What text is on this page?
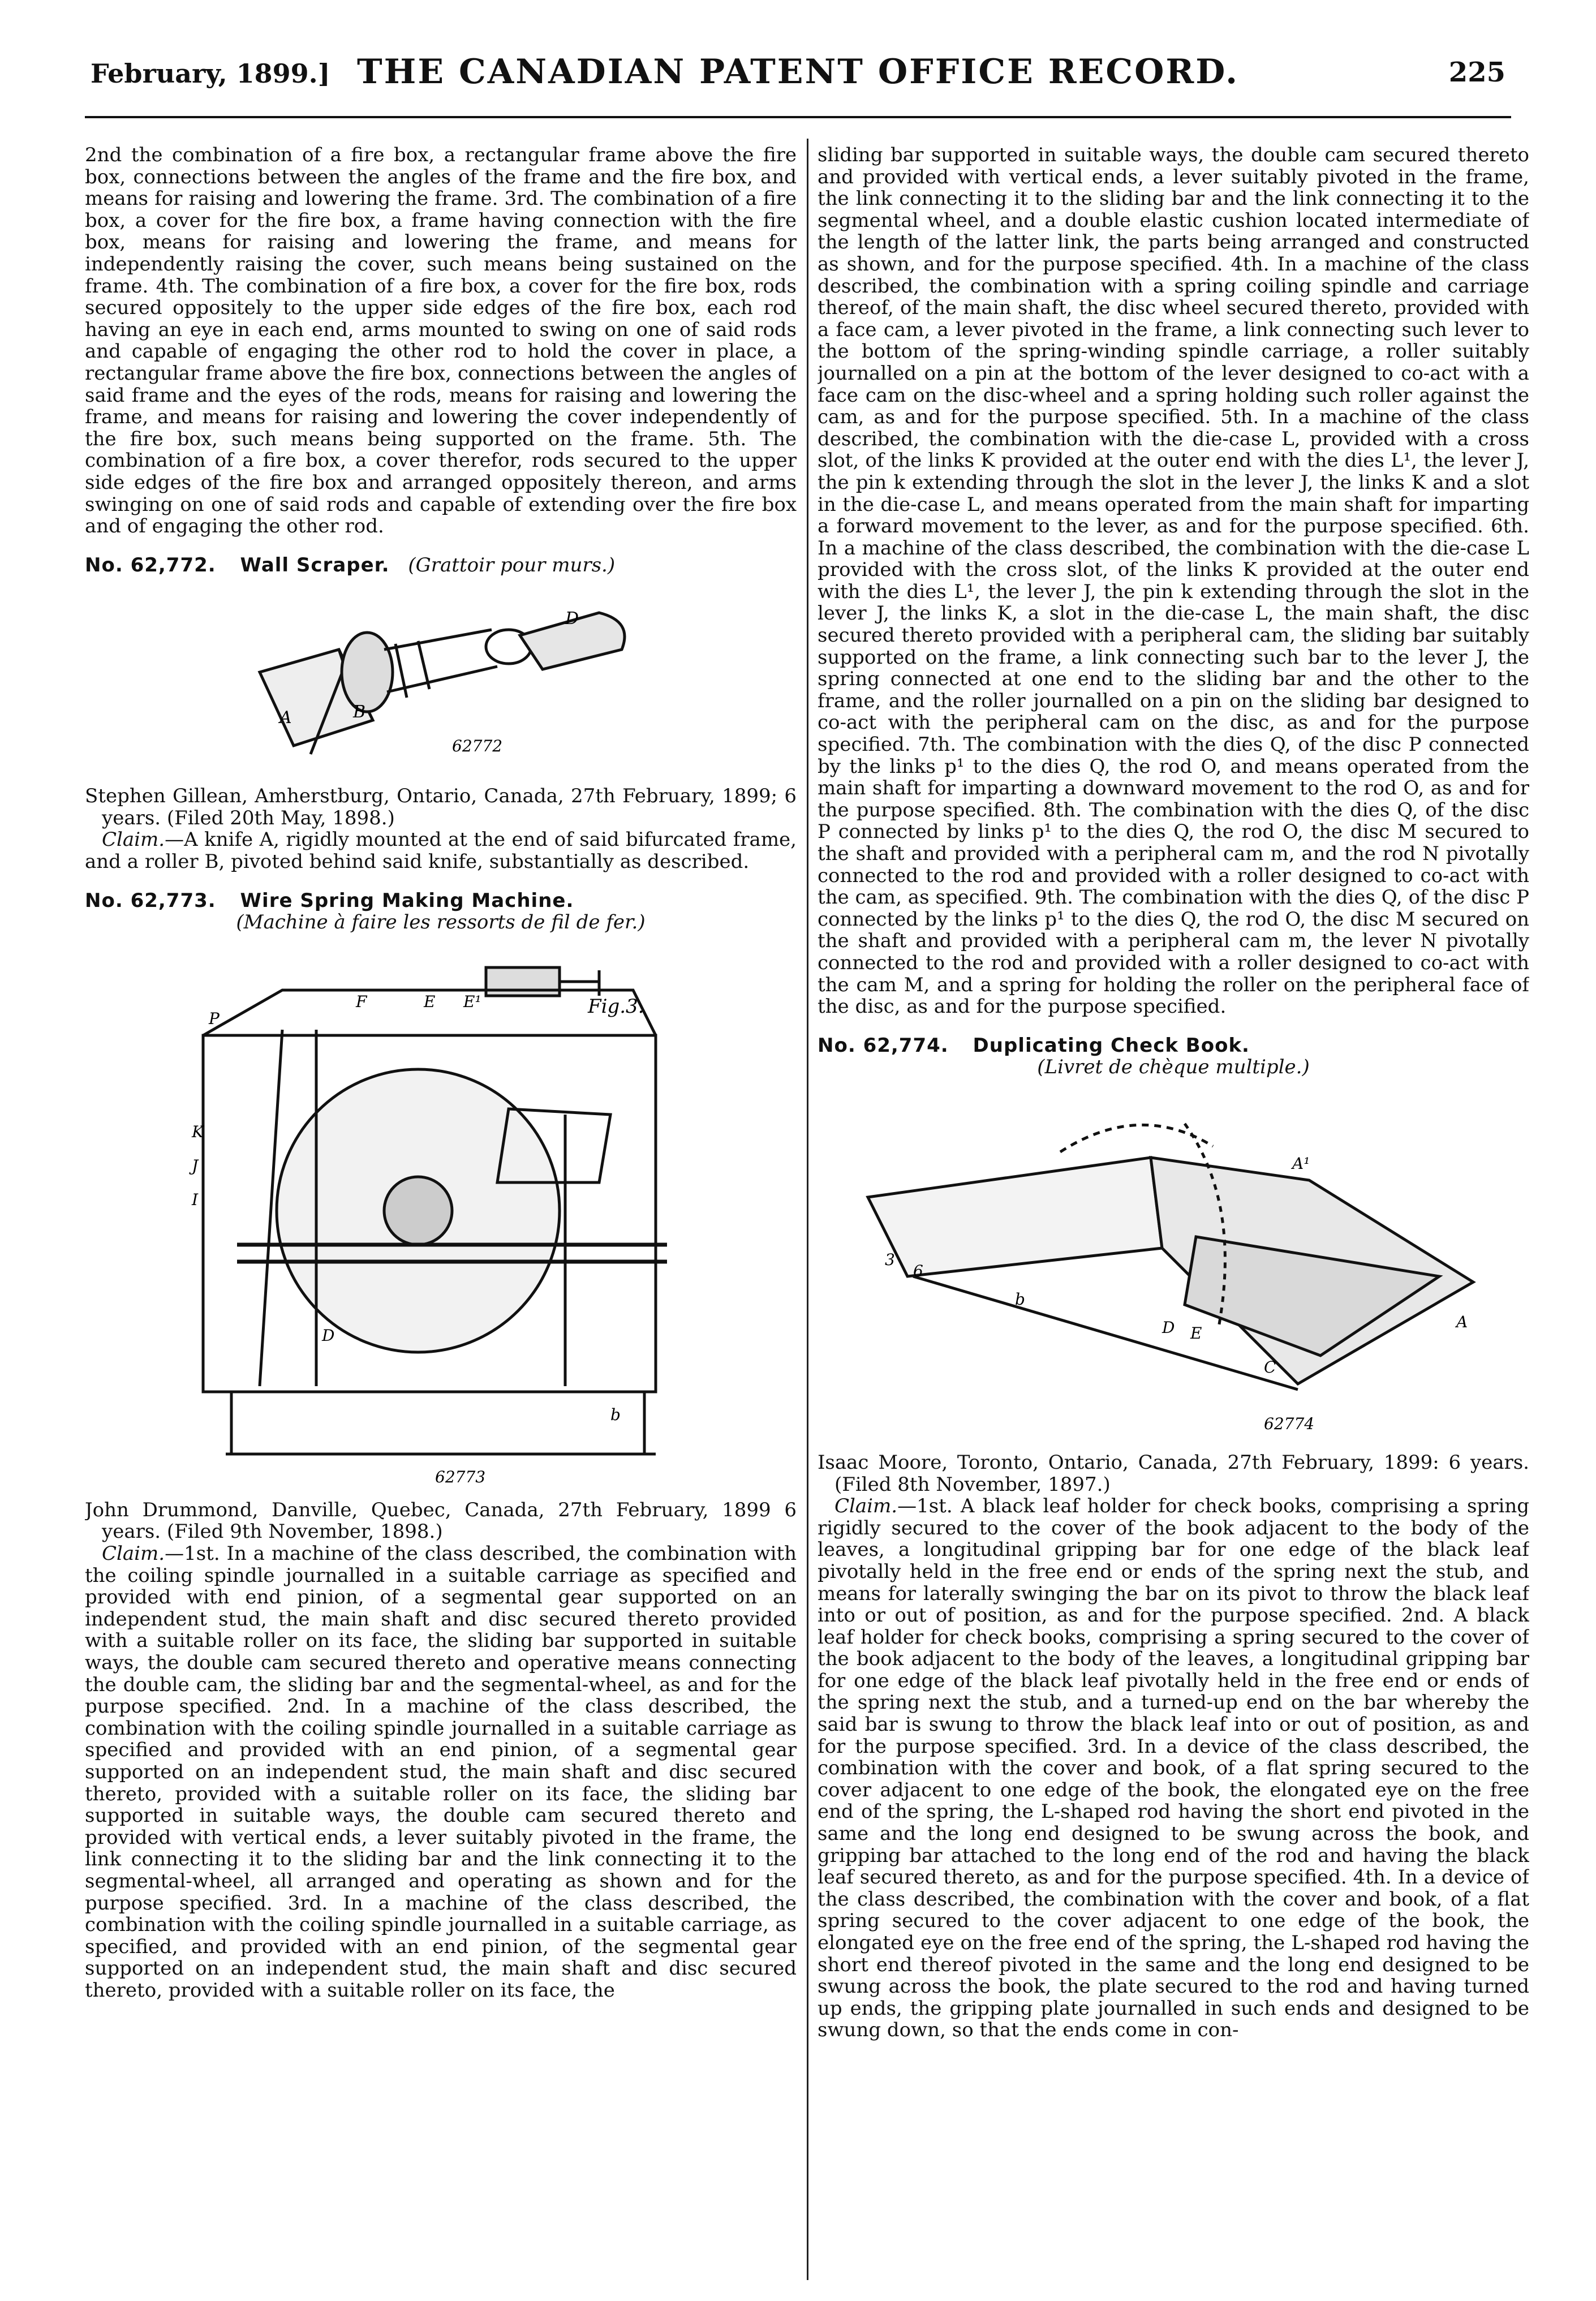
February, 1899.] THE CANADIAN PATENT OFFICE RECORD.	225

2nd the combination of a fire box, a rectangular frame above the fire box, connections between the angles of the frame and the fire box, and means for raising and lowering the frame. 3rd. The combination of a fire box, a cover for the fire box, a frame having connection with the fire box, means for raising and lowering the frame, and means for independently raising the cover, such means being sustained on the frame. 4th. The combination of a fire box, a cover for the fire box, rods secured oppositely to the upper side edges of the fire box, each rod having an eye in each end, arms mounted to swing on one of said rods and capable of engaging the other rod to hold the cover in place, a rectangular frame above the fire box, connections between the angles of said frame and the eyes of the rods, means for raising and lowering the frame, and means for raising and lowering the cover independently of the fire box, such means being supported on the frame. 5th. The combination of a fire box, a cover therefor, rods secured to the upper side edges of the fire box and arranged oppositely thereon, and arms swinging on one of said rods and capable of extending over the fire box and of engaging the other rod.

No. 62,772. Wall Scraper. (Grattoir pour murs.)

A	B
D
62772

Stephen Gillean, Amherstburg, Ontario, Canada, 27th February, 1899; 6 years. (Filed 20th May, 1898.)

Claim.—A knife A, rigidly mounted at the end of said bifurcated frame, and a roller B, pivoted behind said knife, substantially as described.

No. 62,773. Wire Spring Making Machine.

(Machine à faire les ressorts de fil de fer.)

Fig.3.
P
F	E E¹
K
J
I
D
b
62773

John Drummond, Danville, Quebec, Canada, 27th February, 1899 6 years. (Filed 9th November, 1898.)

Claim.—1st. In a machine of the class described, the combination with the coiling spindle journalled in a suitable carriage as specified and provided with end pinion, of a segmental gear supported on an independent stud, the main shaft and disc secured thereto provided with a suitable roller on its face, the sliding bar supported in suitable ways, the double cam secured thereto and operative means connecting the double cam, the sliding bar and the segmental-wheel, as and for the purpose specified. 2nd. In a machine of the class described, the combination with the coiling spindle journalled in a suitable carriage as specified and provided with an end pinion, of a segmental gear supported on an independent stud, the main shaft and disc secured thereto, provided with a suitable roller on its face, the sliding bar supported in suitable ways, the double cam secured thereto and provided with vertical ends, a lever suitably pivoted in the frame, the link connecting it to the sliding bar and the link connecting it to the segmental-wheel, all arranged and operating as shown and for the purpose specified. 3rd. In a machine of the class described, the combination with the coiling spindle journalled in a suitable carriage, as specified, and provided with an end pinion, of the segmental gear supported on an independent stud, the main shaft and disc secured thereto, provided with a suitable roller on its face, the

sliding bar supported in suitable ways, the double cam secured thereto and provided with vertical ends, a lever suitably pivoted in the frame, the link connecting it to the sliding bar and the link connecting it to the segmental wheel, and a double elastic cushion located intermediate of the length of the latter link, the parts being arranged and constructed as shown, and for the purpose specified. 4th. In a machine of the class described, the combination with a spring coiling spindle and carriage thereof, of the main shaft, the disc wheel secured thereto, provided with a face cam, a lever pivoted in the frame, a link connecting such lever to the bottom of the spring-winding spindle carriage, a roller suitably journalled on a pin at the bottom of the lever designed to co-act with a face cam on the disc-wheel and a spring holding such roller against the cam, as and for the purpose specified. 5th. In a machine of the class described, the combination with the die-case L, provided with a cross slot, of the links K provided at the outer end with the dies L¹, the lever J, the pin k extending through the slot in the lever J, the links K and a slot in the die-case L, and means operated from the main shaft for imparting a forward movement to the lever, as and for the purpose specified. 6th. In a machine of the class described, the combination with the die-case L provided with the cross slot, of the links K provided at the outer end with the dies L¹, the lever J, the pin k extending through the slot in the lever J, the links K, a slot in the die-case L, the main shaft, the disc secured thereto provided with a peripheral cam, the sliding bar suitably supported on the frame, a link connecting such bar to the lever J, the spring connected at one end to the sliding bar and the other to the frame, and the roller journalled on a pin on the sliding bar designed to co-act with the peripheral cam on the disc, as and for the purpose specified. 7th. The combination with the dies Q, of the disc P connected by the links p¹ to the dies Q, the rod O, and means operated from the main shaft for imparting a downward movement to the rod O, as and for the purpose specified. 8th. The combination with the dies Q, of the disc P connected by links p¹ to the dies Q, the rod O, the disc M secured to the shaft and provided with a peripheral cam m, and the rod N pivotally connected to the rod and provided with a roller designed to co-act with the cam, as specified. 9th. The combination with the dies Q, of the disc P connected by the links p¹ to the dies Q, the rod O, the disc M secured on the shaft and provided with a peripheral cam m, the lever N pivotally connected to the rod and provided with a roller designed to co-act with the cam M, and a spring for holding the roller on the peripheral face of the disc, as and for the purpose specified.

No. 62,774. Duplicating Check Book.

(Livret de chèque multiple.)

3
6
b
D E
A
C
A¹
62774

Isaac Moore, Toronto, Ontario, Canada, 27th February, 1899: 6 years. (Filed 8th November, 1897.)

Claim.—1st. A black leaf holder for check books, comprising a spring rigidly secured to the cover of the book adjacent to the body of the leaves, a longitudinal gripping bar for one edge of the black leaf pivotally held in the free end or ends of the spring next the stub, and means for laterally swinging the bar on its pivot to throw the black leaf into or out of position, as and for the purpose specified. 2nd. A black leaf holder for check books, comprising a spring secured to the cover of the book adjacent to the body of the leaves, a longitudinal gripping bar for one edge of the black leaf pivotally held in the free end or ends of the spring next the stub, and a turned-up end on the bar whereby the said bar is swung to throw the black leaf into or out of position, as and for the purpose specified. 3rd. In a device of the class described, the combination with the cover and book, of a flat spring secured to the cover adjacent to one edge of the book, the elongated eye on the free end of the spring, the L-shaped rod having the short end pivoted in the same and the long end designed to be swung across the book, and gripping bar attached to the long end of the rod and having the black leaf secured thereto, as and for the purpose specified. 4th. In a device of the class described, the combination with the cover and book, of a flat spring secured to the cover adjacent to one edge of the book, the elongated eye on the free end of the spring, the L-shaped rod having the short end thereof pivoted in the same and the long end designed to be swung across the book, the plate secured to the rod and having turned up ends, the gripping plate journalled in such ends and designed to be swung down, so that the ends come in con-
